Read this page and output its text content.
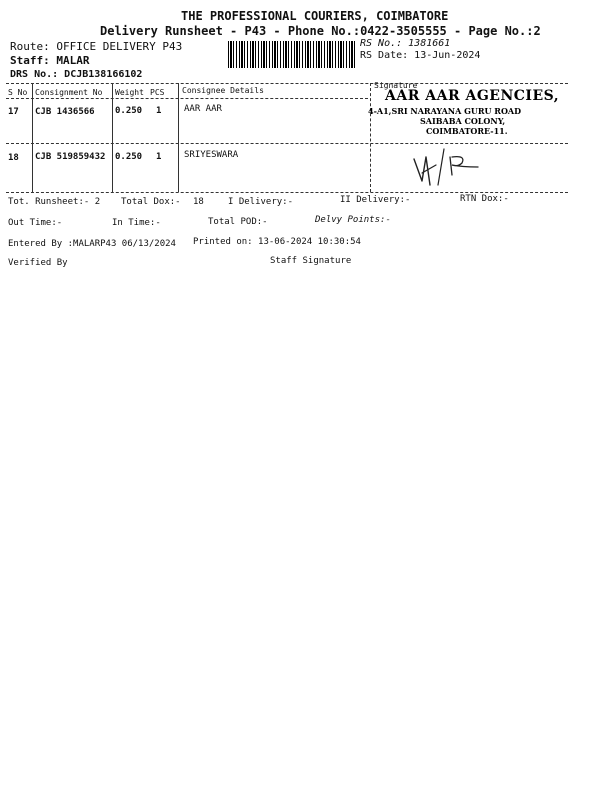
THE PROFESSIONAL COURIERS, COIMBATORE
Delivery Runsheet - P43 - Phone No.:0422-3505555 - Page No.:2
Route: OFFICE DELIVERY P43
Staff: MALAR
DRS No.: DCJB138166102
RS No.: 1381661
RS Date: 13-Jun-2024
S No Consignment No Weight PCS Consignee Details
Signature
17 CJB 1436566 0.250 1	AAR AAR
AAR AAR AGENCIES,
4-A1,SRI NARAYANA GURU ROAD
SAIBABA COLONY,
COIMBATORE-11.
18 CJB 519859432 0.250 1	SRIYESWARA
Tot. Runsheet:- 2 Total Dox:- 18	I Delivery:-	II Delivery:-	RTN Dox:-
Out Time:-	In Time:-	Total POD:-	Delvy Points:-
Entered By :MALARP43 06/13/2024 Printed on: 13-06-2024 10:30:54
Verified By	Staff Signature
